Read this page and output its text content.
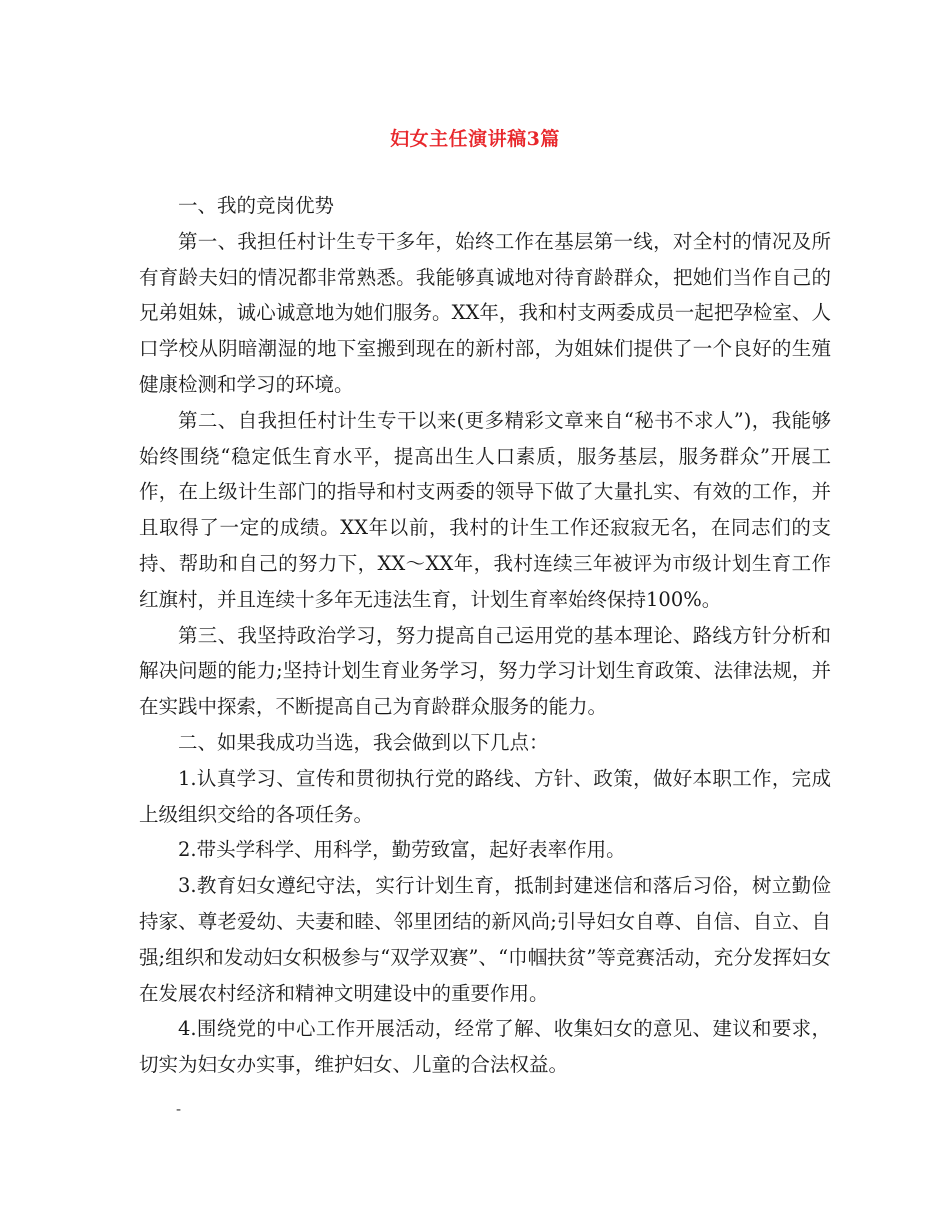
妇女主任演讲稿3篇

一、我的竞岗优势

第一、我担任村计生专干多年，始终工作在基层第一线，对全村的情况及所有育龄夫妇的情况都非常熟悉。我能够真诚地对待育龄群众，把她们当作自己的兄弟姐妹，诚心诚意地为她们服务。XX年，我和村支两委成员一起把孕检室、人口学校从阴暗潮湿的地下室搬到现在的新村部，为姐妹们提供了一个良好的生殖健康检测和学习的环境。

第二、自我担任村计生专干以来(更多精彩文章来自“秘书不求人”)，我能够始终围绕“稳定低生育水平，提高出生人口素质，服务基层，服务群众”开展工作，在上级计生部门的指导和村支两委的领导下做了大量扎实、有效的工作，并且取得了一定的成绩。XX年以前，我村的计生工作还寂寂无名，在同志们的支持、帮助和自己的努力下，XX～XX年，我村连续三年被评为市级计划生育工作红旗村，并且连续十多年无违法生育，计划生育率始终保持100%。

第三、我坚持政治学习，努力提高自己运用党的基本理论、路线方针分析和解决问题的能力;坚持计划生育业务学习，努力学习计划生育政策、法律法规，并在实践中探索，不断提高自己为育龄群众服务的能力。

二、如果我成功当选，我会做到以下几点：

1.认真学习、宣传和贯彻执行党的路线、方针、政策，做好本职工作，完成上级组织交给的各项任务。

2.带头学科学、用科学，勤劳致富，起好表率作用。

3.教育妇女遵纪守法，实行计划生育，抵制封建迷信和落后习俗，树立勤俭持家、尊老爱幼、夫妻和睦、邻里团结的新风尚;引导妇女自尊、自信、自立、自强;组织和发动妇女积极参与“双学双赛”、“巾帼扶贫”等竞赛活动，充分发挥妇女在发展农村经济和精神文明建设中的重要作用。

4.围绕党的中心工作开展活动，经常了解、收集妇女的意见、建议和要求，切实为妇女办实事，维护妇女、儿童的合法权益。

-
